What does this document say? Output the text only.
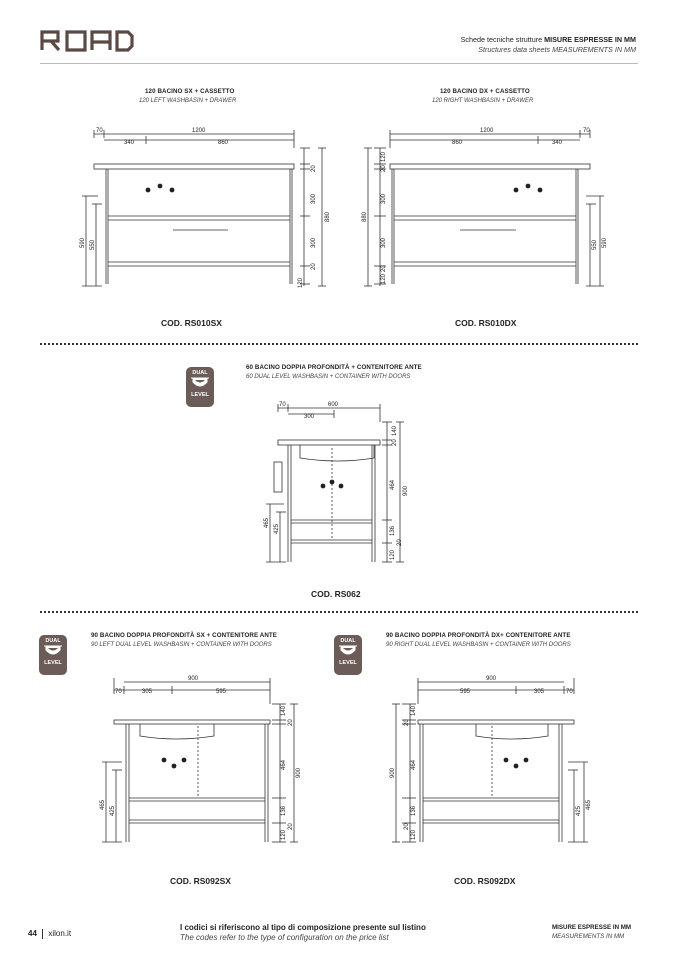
Schede tecniche strutture MISURE ESPRESSE IN MM
Structures data sheets MEASUREMENTS IN MM
120 BACINO SX + CASSETTO
120 LEFT WASHBASIN + DRAWER
120 BACINO DX + CASSETTO
120 RIGHT WASHBASIN + DRAWER
70	1200
340	860
20
300
300
20
120
880
590 550
1200	70
860	340
120
20
300
300
20
120
880
550 590
COD. RS010SX	COD. RS010DX
DUAL
LEVEL
60 BACINO DOPPIA PROFONDITÀ + CONTENITORE ANTE
60 DUAL LEVEL WASHBASIN + CONTAINER WITH DOORS
70	600
300
140
20
464
136
120
20
900
465
425
COD. RS062
DUAL
LEVEL
90 BACINO DOPPIA PROFONDITÀ SX + CONTENITORE ANTE
90 LEFT DUAL LEVEL WASHBASIN + CONTAINER WITH DOORS
DUAL
LEVEL
90 BACINO DOPPIA PROFONDITÀ DX+ CONTENITORE ANTE
90 RIGHT DUAL LEVEL WASHBASIN + CONTAINER WITH DOORS
900
70	305	595
140
20
464
136
120
20
900
465
425
900
595	305	70
140
20
464
136
120
20
900
465
425
COD. RS092SX	COD. RS092DX
44 xilon.it
I codici si riferiscono al tipo di composizione presente sul listino
The codes refer to the type of configuration on the price list
MISURE ESPRESSE IN MM
MEASUREMENTS IN MM
